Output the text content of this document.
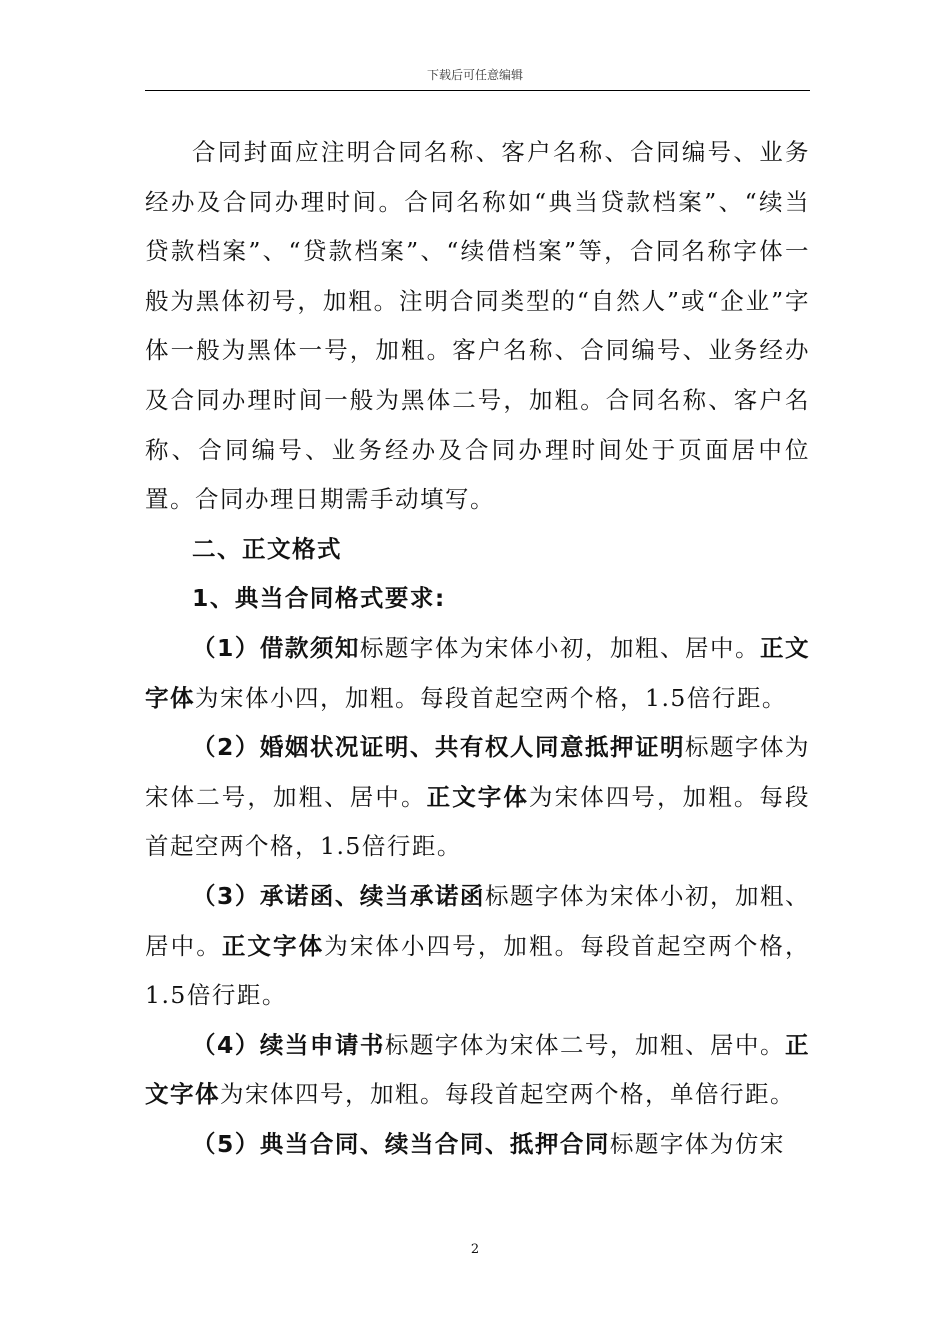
下载后可任意编辑

合同封面应注明合同名称、客户名称、合同编号、业务经办及合同办理时间。合同名称如“典当贷款档案”、“续当贷款档案”、“贷款档案”、“续借档案”等，合同名称字体一般为黑体初号，加粗。注明合同类型的“自然人”或“企业”字体一般为黑体一号，加粗。客户名称、合同编号、业务经办及合同办理时间一般为黑体二号，加粗。合同名称、客户名称、合同编号、业务经办及合同办理时间处于页面居中位置。合同办理日期需手动填写。

二、正文格式

1、典当合同格式要求:

（1）借款须知标题字体为宋体小初，加粗、居中。正文字体为宋体小四，加粗。每段首起空两个格，1.5倍行距。

（2）婚姻状况证明、共有权人同意抵押证明标题字体为宋体二号，加粗、居中。正文字体为宋体四号，加粗。每段首起空两个格，1.5倍行距。

（3）承诺函、续当承诺函标题字体为宋体小初，加粗、居中。正文字体为宋体小四号，加粗。每段首起空两个格，1.5倍行距。

（4）续当申请书标题字体为宋体二号，加粗、居中。正文字体为宋体四号，加粗。每段首起空两个格，单倍行距。

（5）典当合同、续当合同、抵押合同标题字体为仿宋

2
